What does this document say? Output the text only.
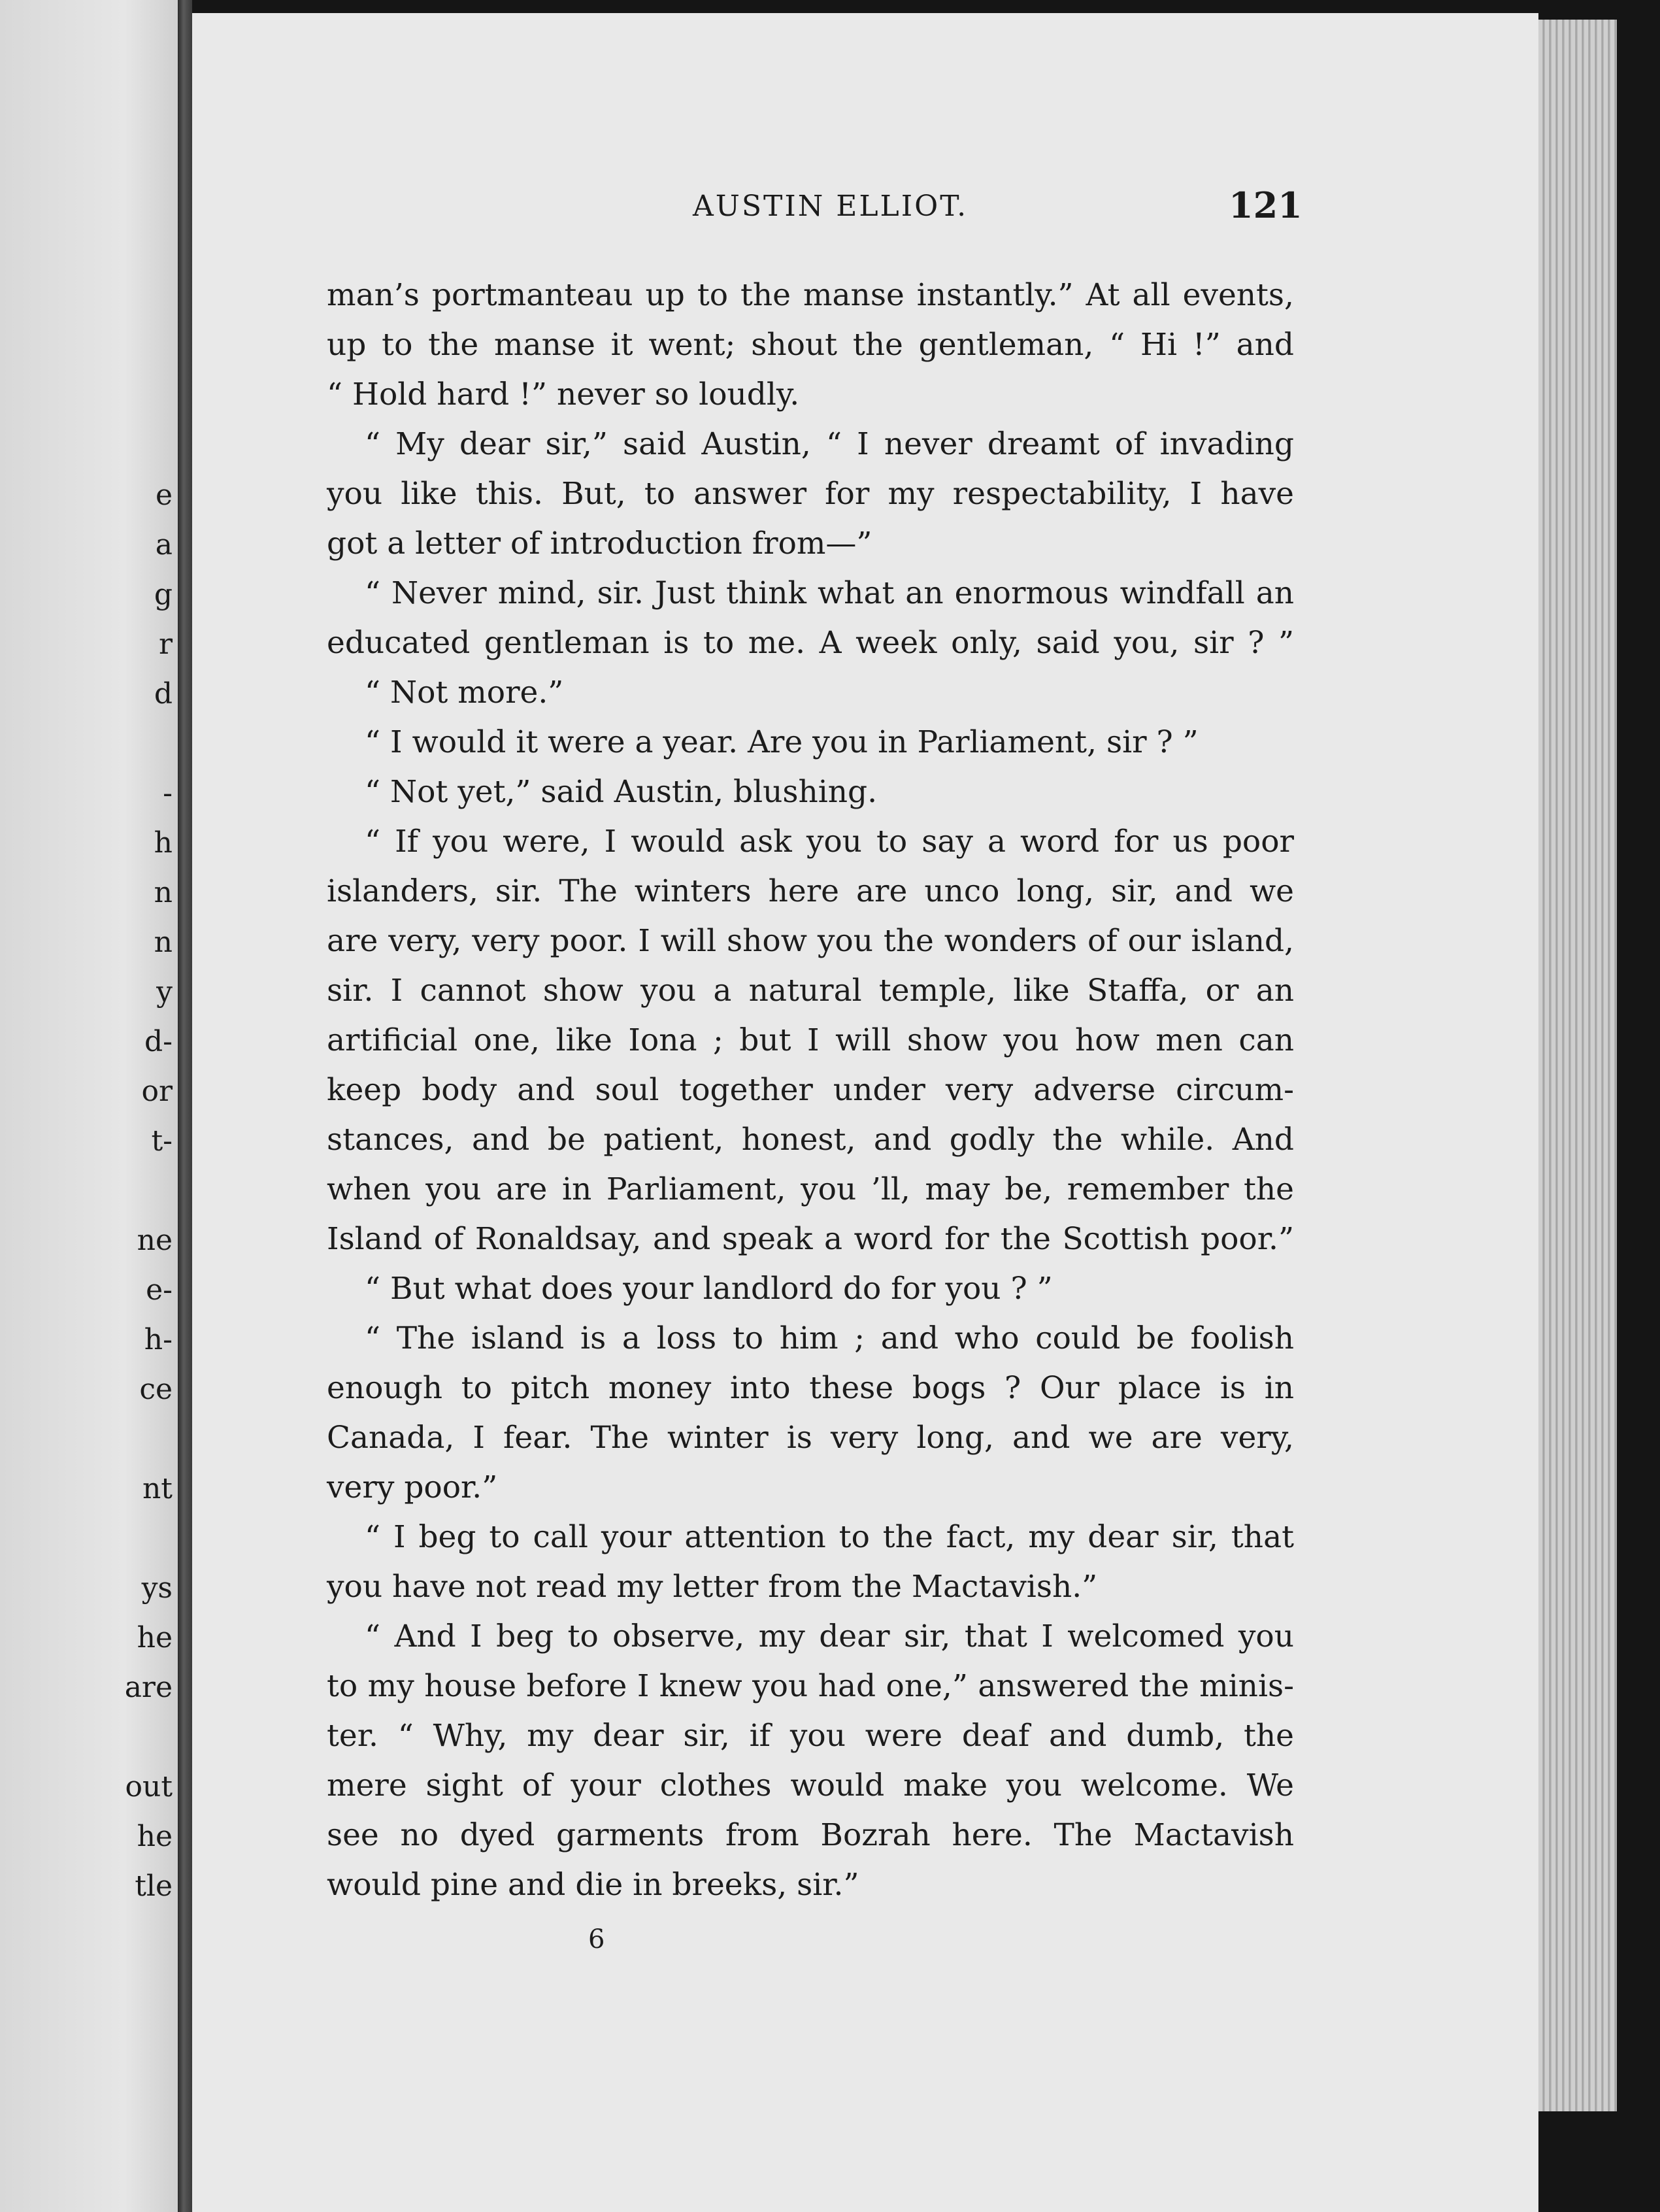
e
a
g
r
d
-
h
n
n
y
d-
or
t-
ne
e-
h-
ce
nt
ys
he
are
out
he
tle
AUSTIN ELLIOT.	121
man’s portmanteau up to the manse instantly.” At all events,
up to the manse it went; shout the gentleman, “ Hi !” and
“ Hold hard !” never so loudly.
“ My dear sir,” said Austin, “ I never dreamt of invading
you like this. But, to answer for my respectability, I have
got a letter of introduction from—”
“ Never mind, sir. Just think what an enormous windfall an
educated gentleman is to me. A week only, said you, sir ? ”
“ Not more.”
“ I would it were a year. Are you in Parliament, sir ? ”
“ Not yet,” said Austin, blushing.
“ If you were, I would ask you to say a word for us poor
islanders, sir. The winters here are unco long, sir, and we
are very, very poor. I will show you the wonders of our island,
sir. I cannot show you a natural temple, like Staffa, or an
artificial one, like Iona ; but I will show you how men can
keep body and soul together under very adverse circum-
stances, and be patient, honest, and godly the while. And
when you are in Parliament, you ’ll, may be, remember the
Island of Ronaldsay, and speak a word for the Scottish poor.”
“ But what does your landlord do for you ? ”
“ The island is a loss to him ; and who could be foolish
enough to pitch money into these bogs ? Our place is in
Canada, I fear. The winter is very long, and we are very,
very poor.”
“ I beg to call your attention to the fact, my dear sir, that
you have not read my letter from the Mactavish.”
“ And I beg to observe, my dear sir, that I welcomed you
to my house before I knew you had one,” answered the minis-
ter. “ Why, my dear sir, if you were deaf and dumb, the
mere sight of your clothes would make you welcome. We
see no dyed garments from Bozrah here. The Mactavish
would pine and die in breeks, sir.”
6
